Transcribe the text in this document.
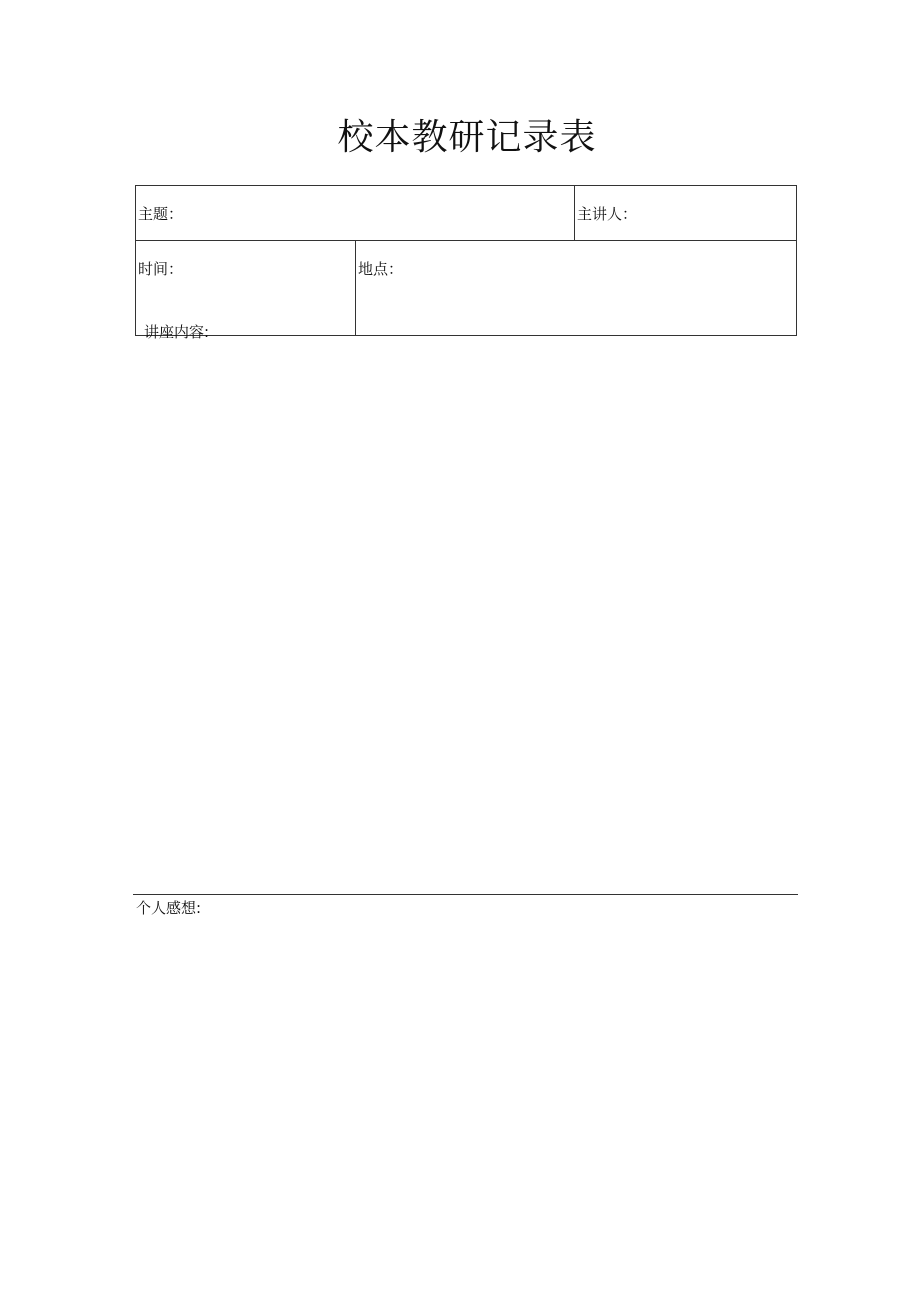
校本教研记录表
主题：		主讲人：
时间：	地点：	
讲座内容:
个人感想:
